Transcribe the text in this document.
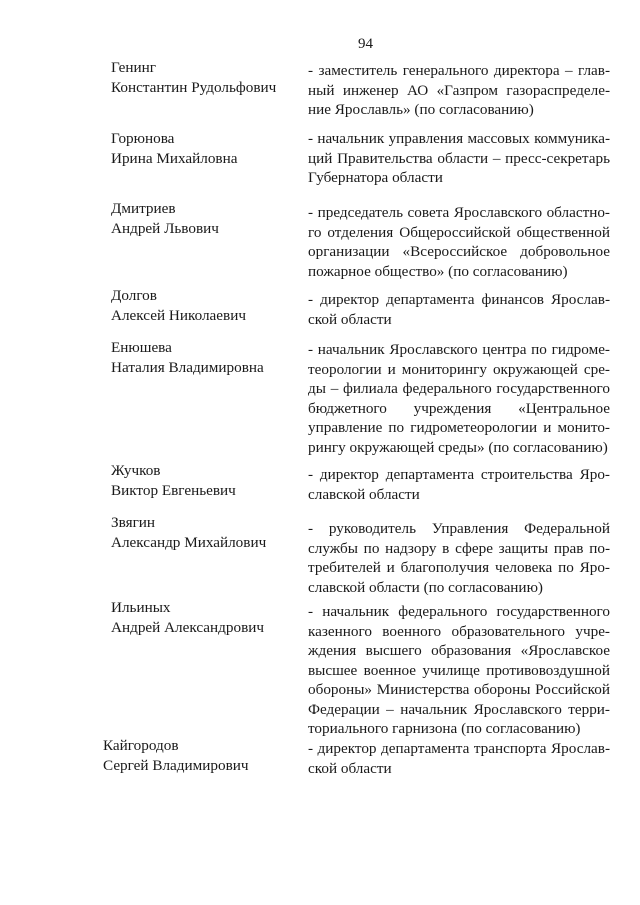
94
Генинг
Константин Рудольфович
- заместитель генерального директора – глав-
ный инженер АО «Газпром газораспределе-
ние Ярославль» (по согласованию)
Горюнова
Ирина Михайловна
- начальник управления массовых коммуника-
ций Правительства области – пресс-секретарь
Губернатора области
Дмитриев
Андрей Львович
- председатель совета Ярославского областно-
го отделения Общероссийской общественной
организации «Всероссийское добровольное
пожарное общество» (по согласованию)
Долгов
Алексей Николаевич
- директор департамента финансов Ярослав-
ской области
Енюшева
Наталия Владимировна
- начальник Ярославского центра по гидроме-
теорологии и мониторингу окружающей сре-
ды – филиала федерального государственного
бюджетного учреждения «Центральное
управление по гидрометеорологии и монито-
рингу окружающей среды» (по согласованию)
Жучков
Виктор Евгеньевич
- директор департамента строительства Яро-
славской области
Звягин
Александр Михайлович
- руководитель Управления Федеральной
службы по надзору в сфере защиты прав по-
требителей и благополучия человека по Яро-
славской области (по согласованию)
Ильиных
Андрей Александрович
- начальник федерального государственного
казенного военного образовательного учре-
ждения высшего образования «Ярославское
высшее военное училище противовоздушной
обороны» Министерства обороны Российской
Федерации – начальник Ярославского терри-
ториального гарнизона (по согласованию)
Кайгородов
Сергей Владимирович
- директор департамента транспорта Ярослав-
ской области
